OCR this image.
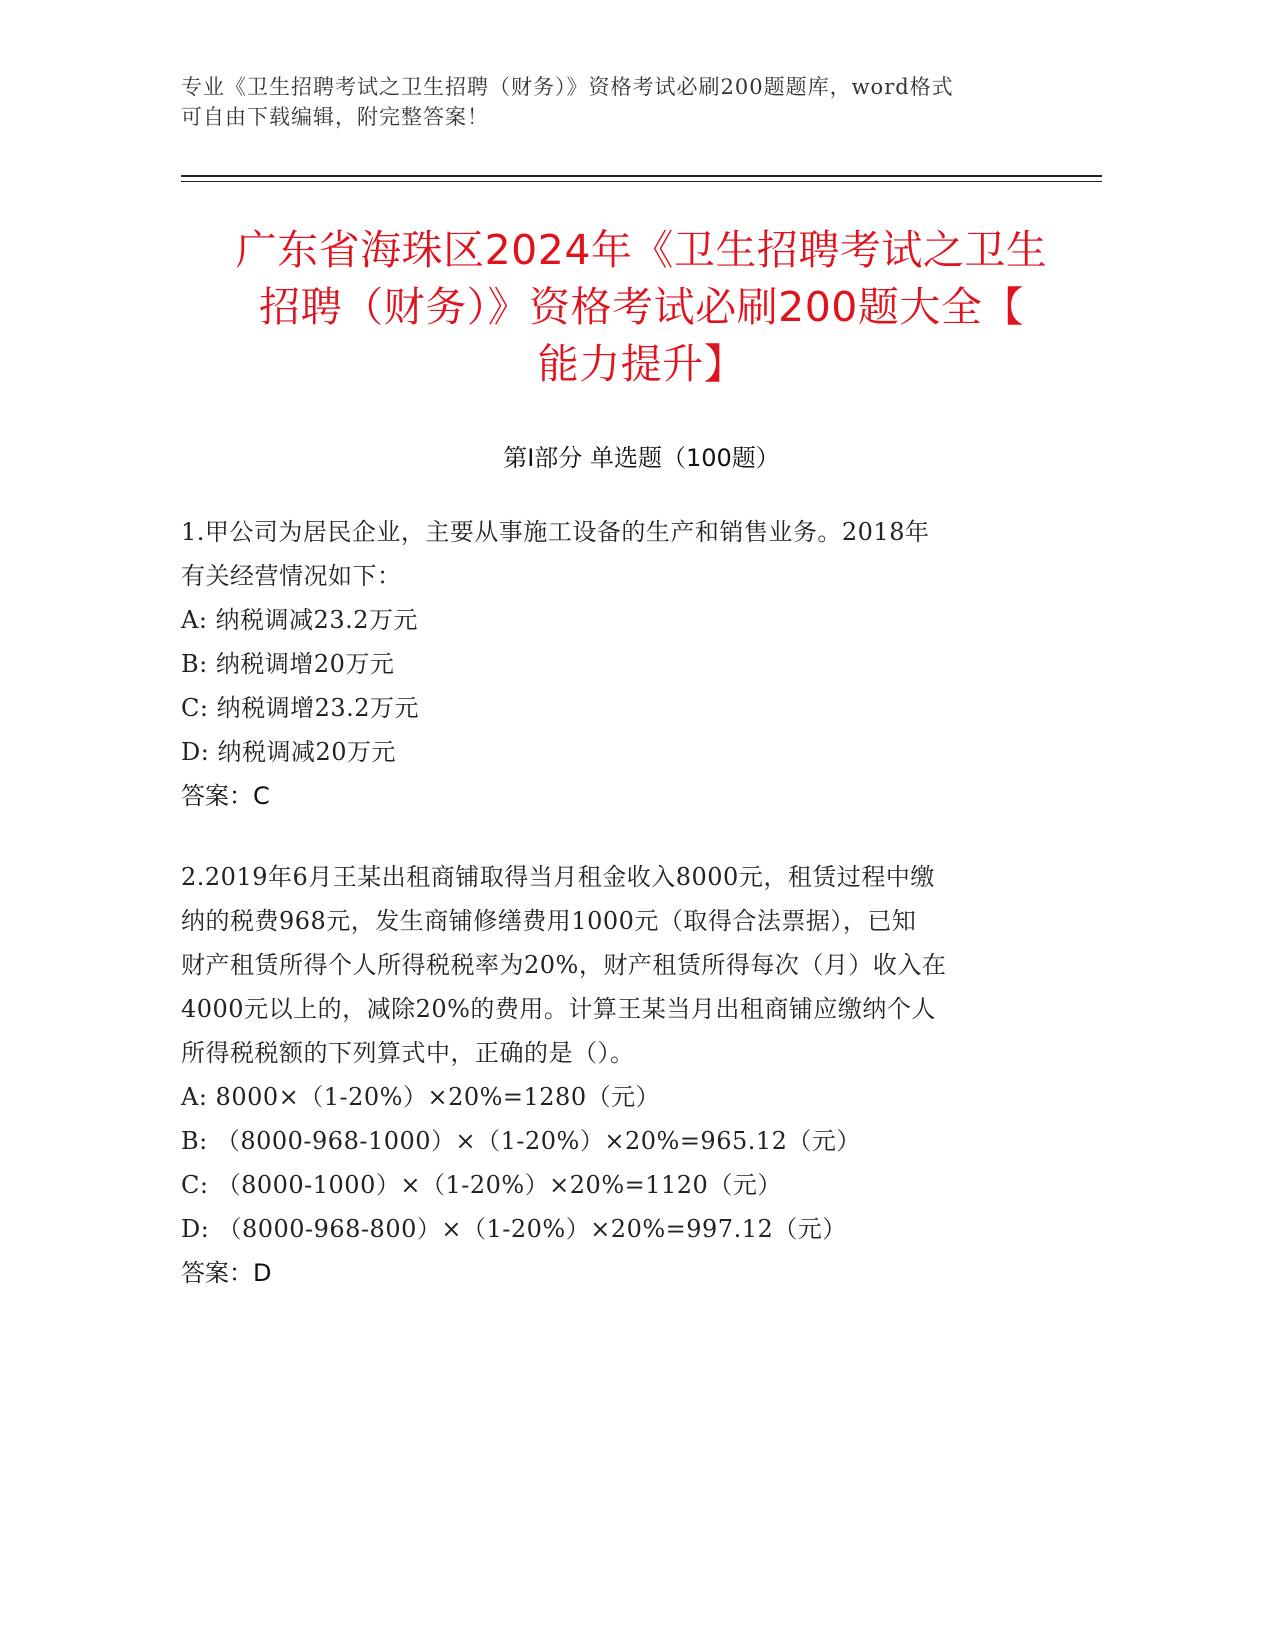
专业《卫生招聘考试之卫生招聘（财务）》资格考试必刷200题题库，word格式
可自由下载编辑，附完整答案！
广东省海珠区2024年《卫生招聘考试之卫生
招聘（财务）》资格考试必刷200题大全【
能力提升】
第Ⅰ部分 单选题（100题）
1.甲公司为居民企业，主要从事施工设备的生产和销售业务。2018年
有关经营情况如下：
A: 纳税调减23.2万元
B: 纳税调增20万元
C: 纳税调增23.2万元
D: 纳税调减20万元
答案：C
2.2019年6月王某出租商铺取得当月租金收入8000元，租赁过程中缴
纳的税费968元，发生商铺修缮费用1000元（取得合法票据），已知
财产租赁所得个人所得税税率为20%，财产租赁所得每次（月）收入在
4000元以上的，减除20%的费用。计算王某当月出租商铺应缴纳个人
所得税税额的下列算式中，正确的是（）。
A: 8000×（1-20%）×20%=1280（元）
B: （8000-968-1000）×（1-20%）×20%=965.12（元）
C: （8000-1000）×（1-20%）×20%=1120（元）
D: （8000-968-800）×（1-20%）×20%=997.12（元）
答案：D
